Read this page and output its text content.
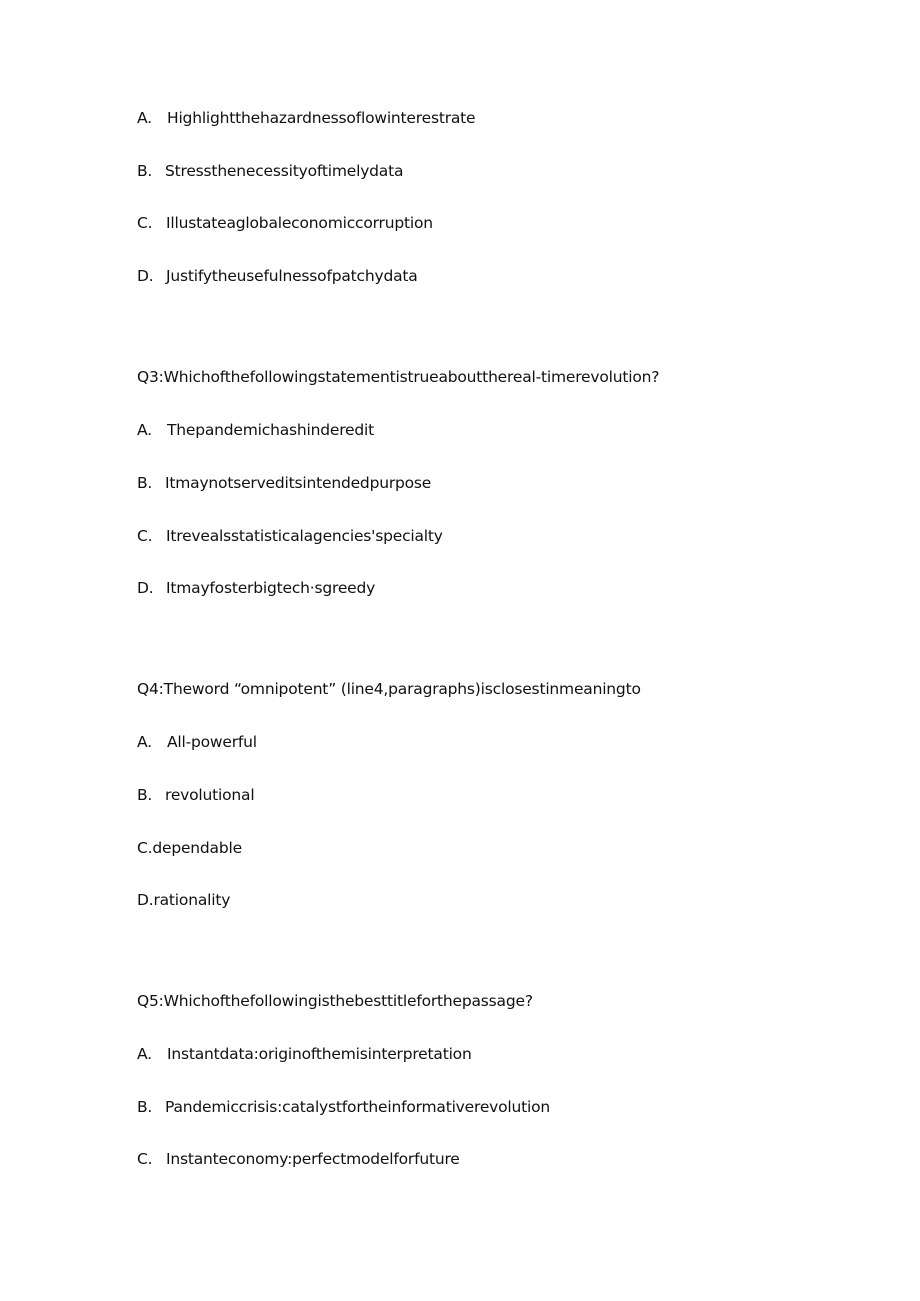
A. Highlightthehazardnessoflowinterestrate
B. Stressthenecessityoftimelydata
C. Illustateaglobaleconomiccorruption
D. Justifytheusefulnessofpatchydata
Q3:Whichofthefollowingstatementistrueaboutthereal-timerevolution?
A. Thepandemichashinderedit
B. Itmaynotserveditsintendedpurpose
C. Itrevealsstatisticalagencies'specialty
D. Itmayfosterbigtech·sgreedy
Q4:Theword “omnipotent” (line4,paragraphs)isclosestinmeaningto
A. All-powerful
B. revolutional
C.dependable
D.rationality
Q5:Whichofthefollowingisthebesttitleforthepassage?
A. Instantdata:originofthemisinterpretation
B. Pandemiccrisis:catalystfortheinformativerevolution
C. Instanteconomy:perfectmodelforfuture
